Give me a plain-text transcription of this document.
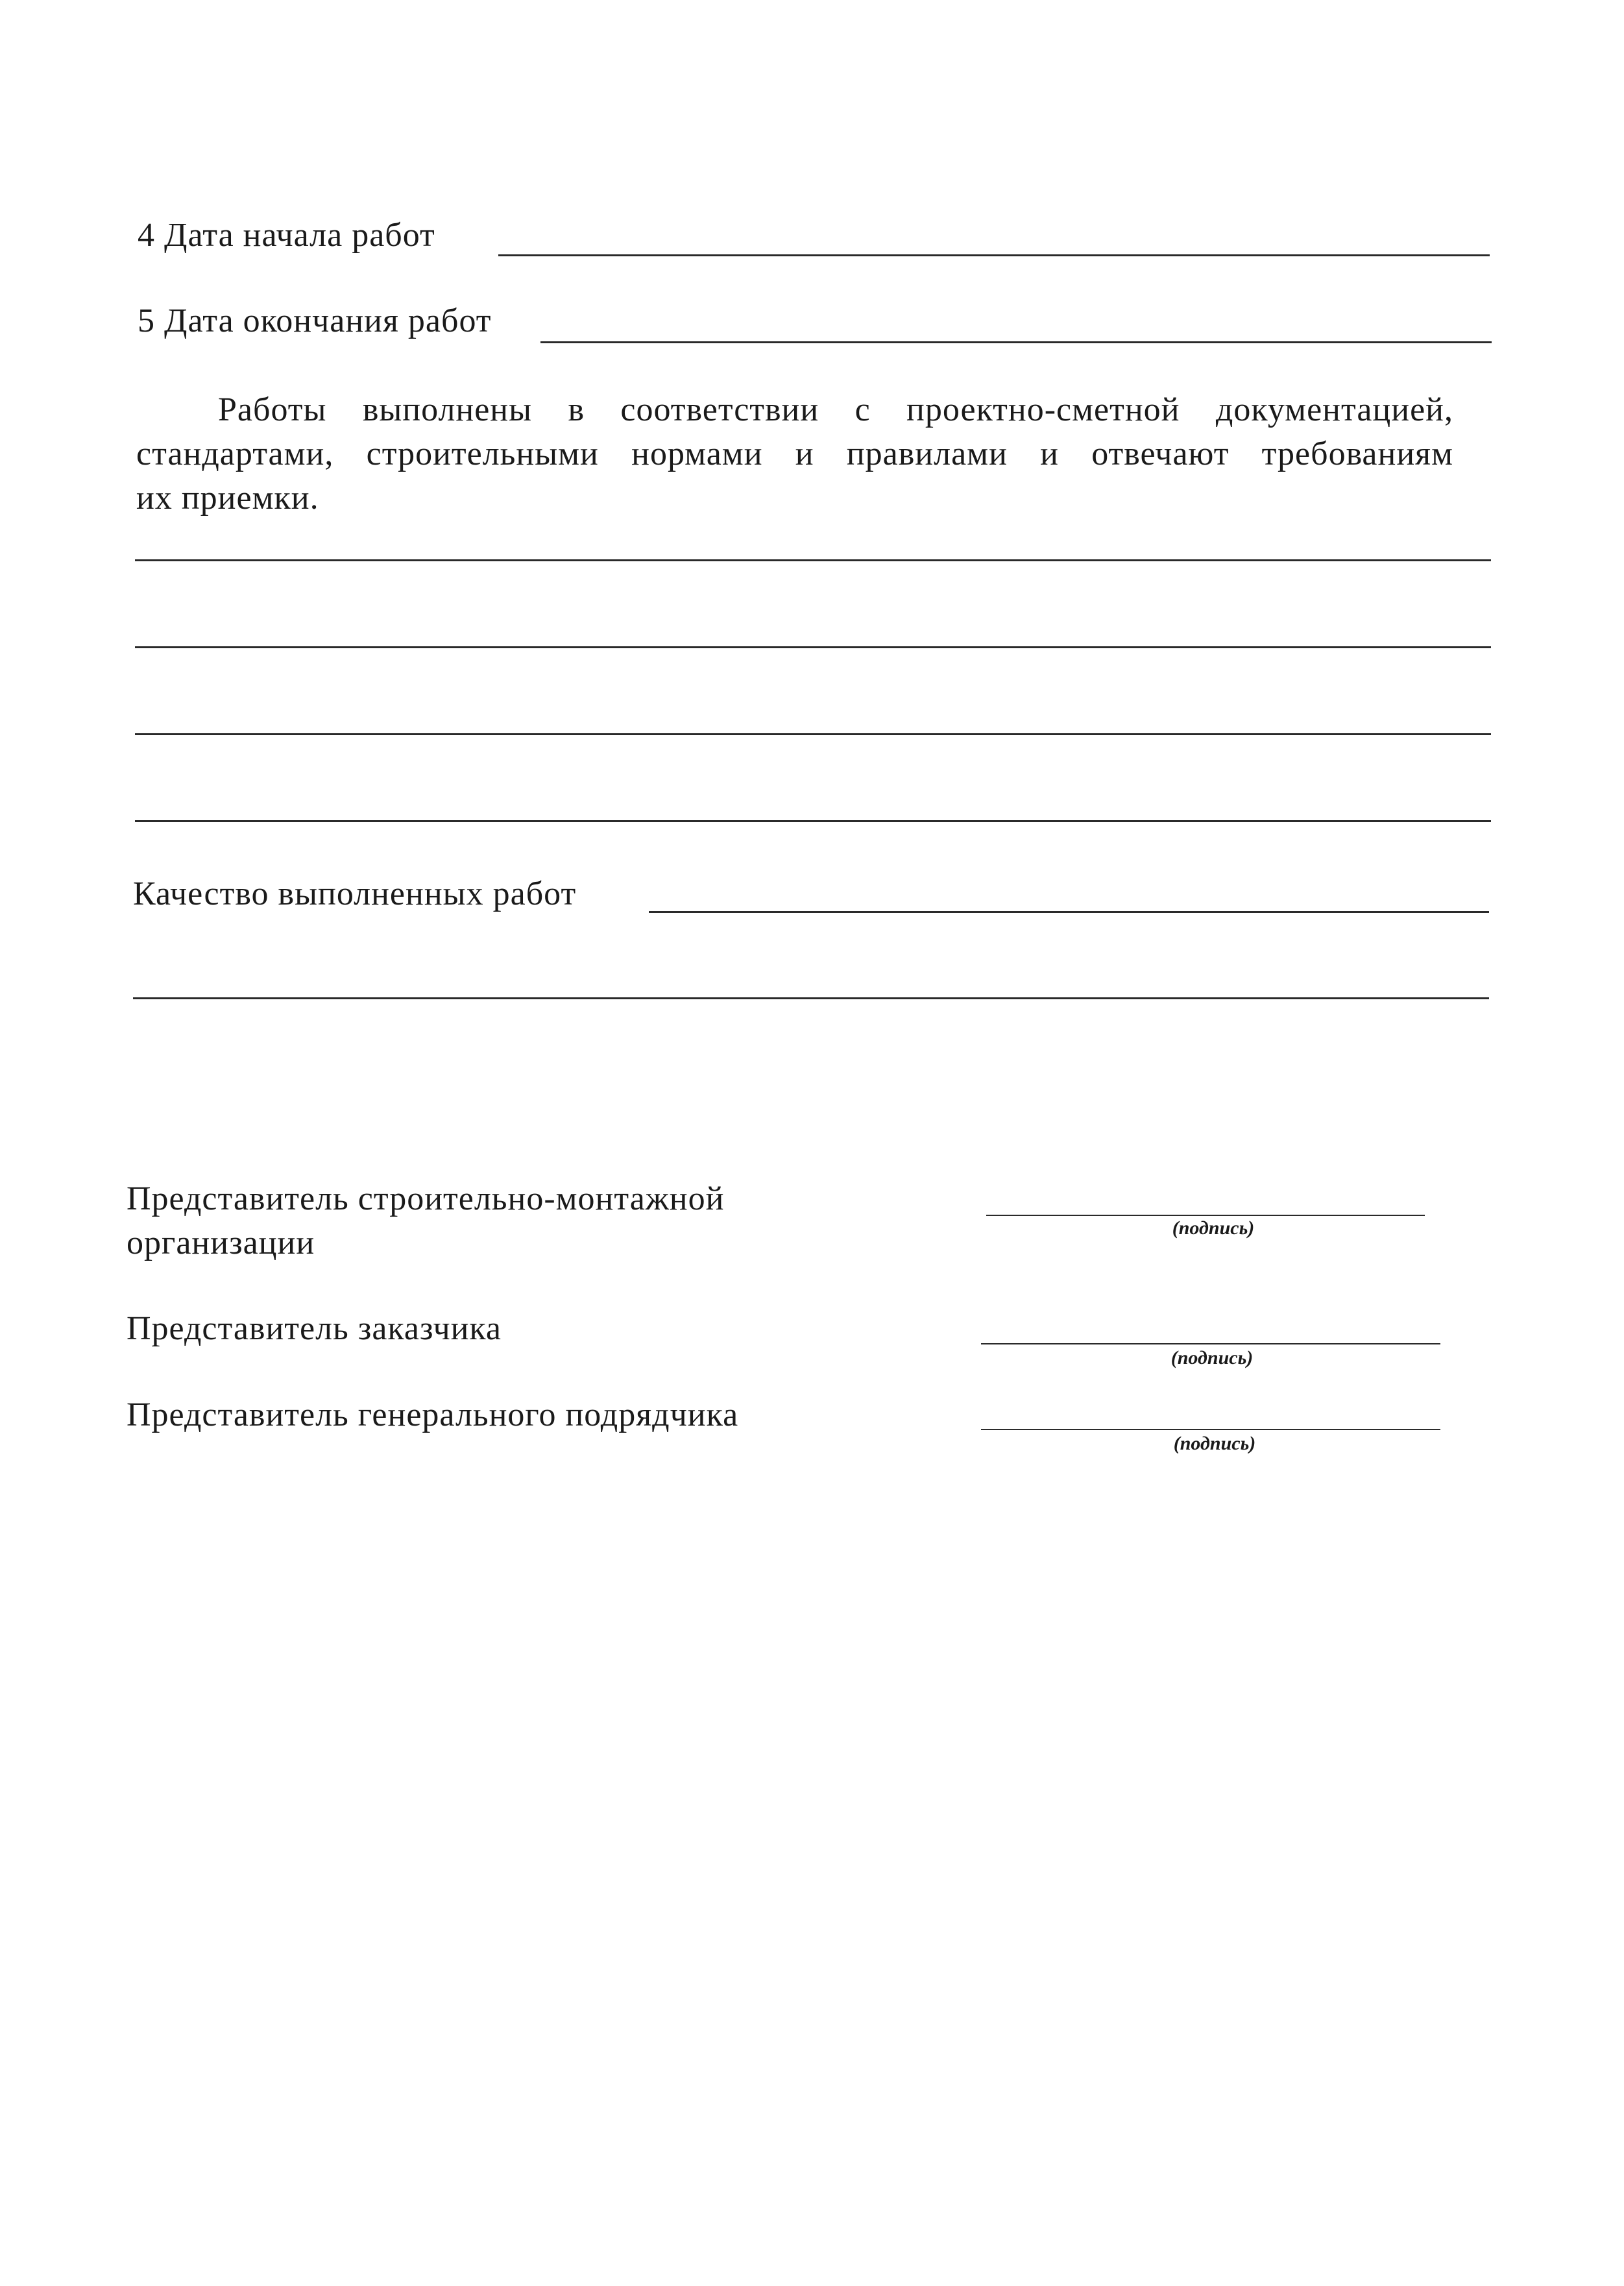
4 Дата начала работ
5 Дата окончания работ

Работы выполнены в соответствии с проектно-сметной документацией,

стандартами, строительными нормами и правилами и отвечают требованиям

их приемки.

Качество выполненных работ
Представитель строительно-монтажной
организации	(подпись)
Представитель заказчика
(подпись)
Представитель генерального подрядчика
(подпись)
